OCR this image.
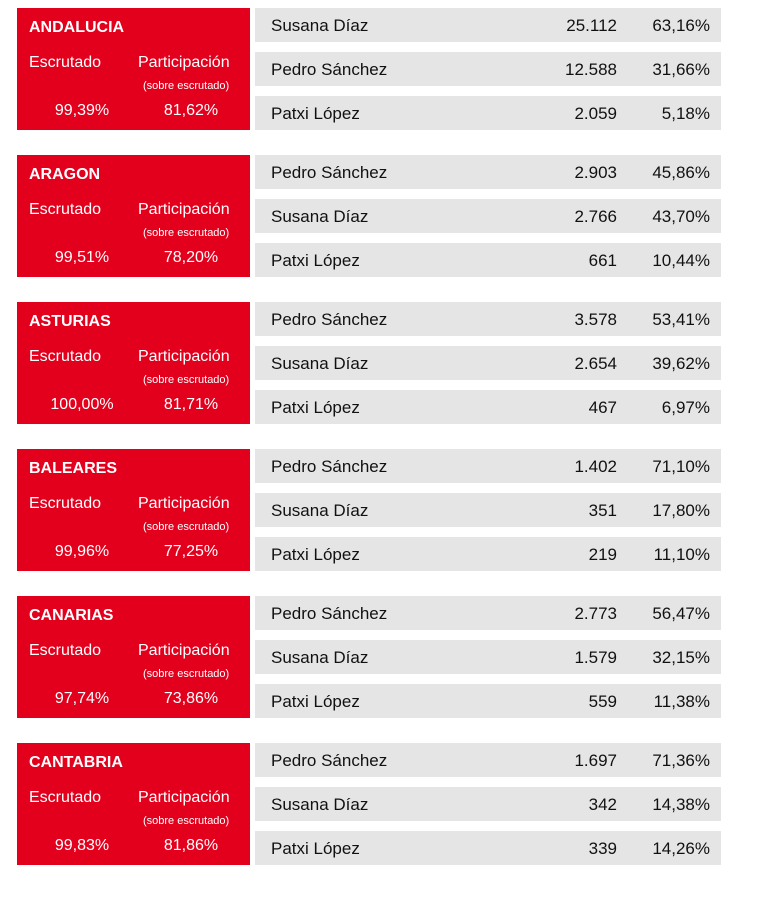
ANDALUCIA
Escrutado Participación
(sobre escrutado)
99,39%	81,62%
Susana Díaz	25.112 63,16%
Pedro Sánchez	12.588 31,66%
Patxi López	2.059	5,18%
ARAGON
Escrutado Participación
(sobre escrutado)
99,51%	78,20%
Pedro Sánchez	2.903 45,86%
Susana Díaz	2.766 43,70%
Patxi López	661 10,44%
ASTURIAS
Escrutado Participación
(sobre escrutado)
100,00%	81,71%
Pedro Sánchez	3.578 53,41%
Susana Díaz	2.654 39,62%
Patxi López	467	6,97%
BALEARES
Escrutado Participación
(sobre escrutado)
99,96%	77,25%
Pedro Sánchez	1.402 71,10%
Susana Díaz	351 17,80%
Patxi López	219 11,10%
CANARIAS
Escrutado Participación
(sobre escrutado)
97,74%	73,86%
Pedro Sánchez	2.773 56,47%
Susana Díaz	1.579 32,15%
Patxi López	559 11,38%
CANTABRIA
Escrutado Participación
(sobre escrutado)
99,83%	81,86%
Pedro Sánchez	1.697 71,36%
Susana Díaz	342 14,38%
Patxi López	339 14,26%
